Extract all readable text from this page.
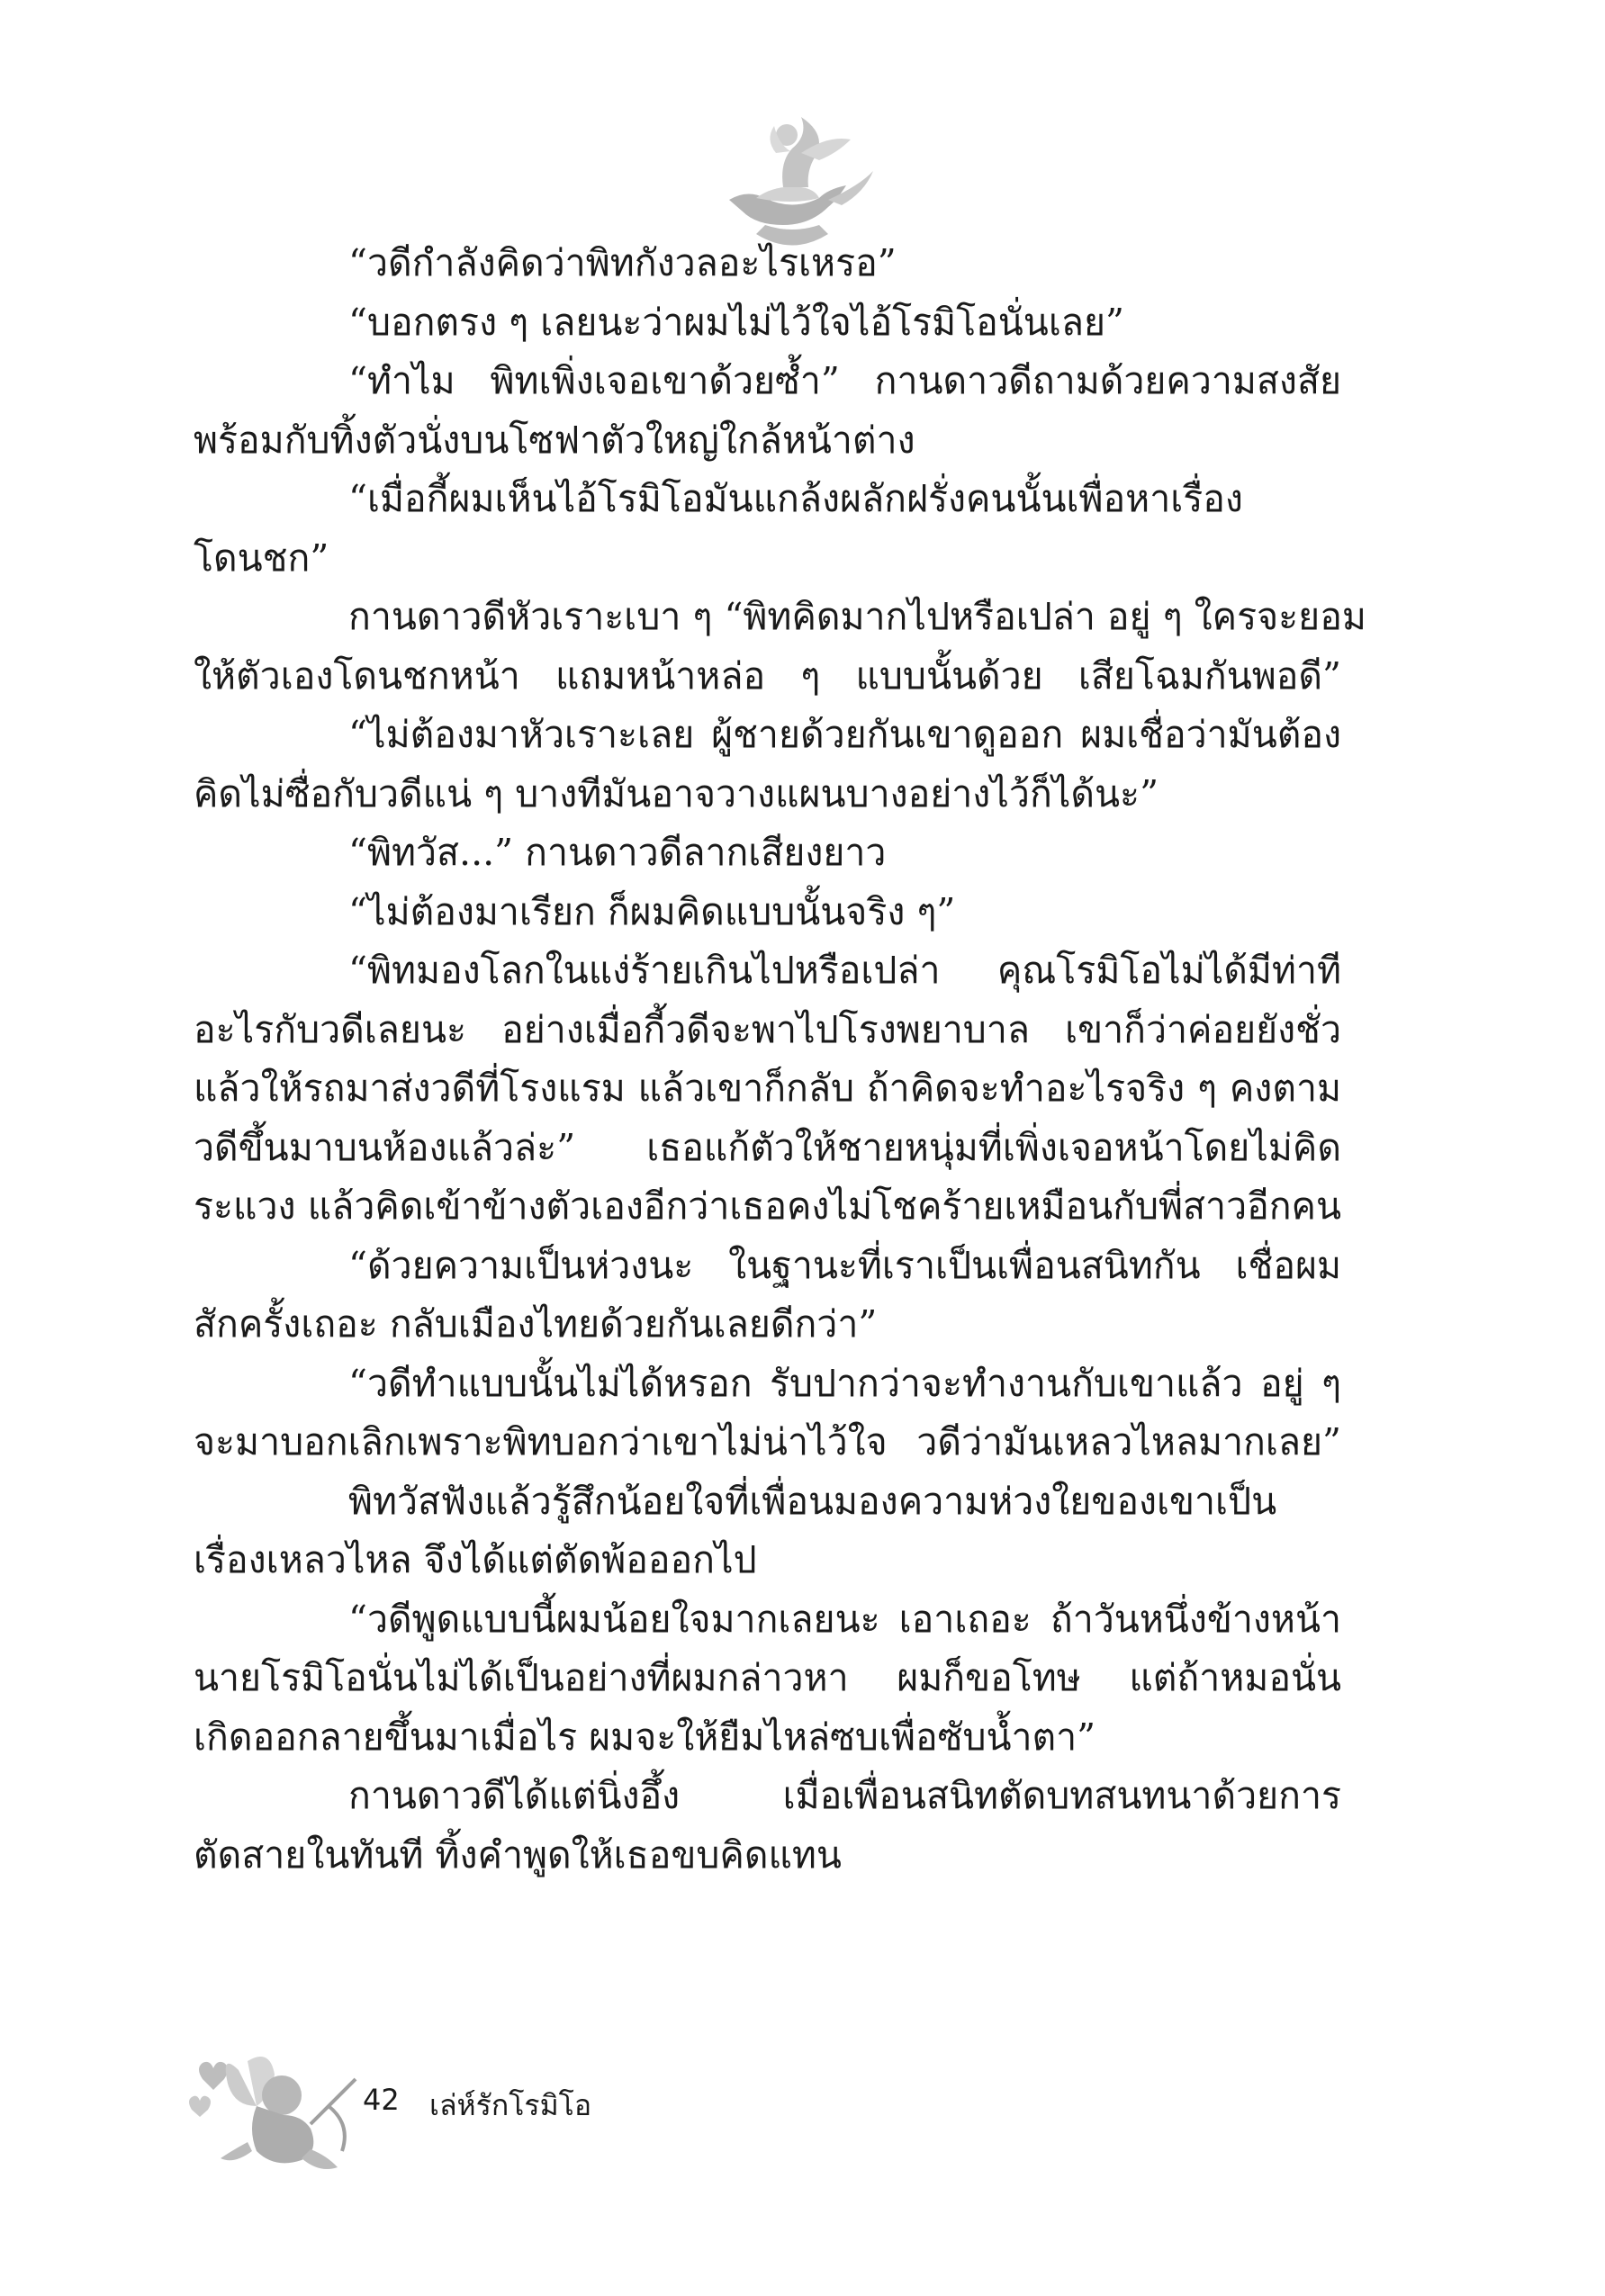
“วดีกำลังคิดว่าพิทกังวลอะไรเหรอ”
“บอกตรง ๆ เลยนะว่าผมไม่ไว้ใจไอ้โรมิโอนั่นเลย”
“ทำไม พิทเพิ่งเจอเขาด้วยซ้ำ” กานดาวดีถามด้วยความสงสัย
พร้อมกับทิ้งตัวนั่งบนโซฟาตัวใหญ่ใกล้หน้าต่าง
“เมื่อกี้ผมเห็นไอ้โรมิโอมันแกล้งผลักฝรั่งคนนั้นเพื่อหาเรื่อง
โดนชก”
กานดาวดีหัวเราะเบา ๆ “พิทคิดมากไปหรือเปล่า อยู่ ๆ ใครจะยอม
ให้ตัวเองโดนชกหน้า แถมหน้าหล่อ ๆ แบบนั้นด้วย เสียโฉมกันพอดี”
“ไม่ต้องมาหัวเราะเลย ผู้ชายด้วยกันเขาดูออก ผมเชื่อว่ามันต้อง
คิดไม่ซื่อกับวดีแน่ ๆ บางทีมันอาจวางแผนบางอย่างไว้ก็ได้นะ”
“พิทวัส...” กานดาวดีลากเสียงยาว
“ไม่ต้องมาเรียก ก็ผมคิดแบบนั้นจริง ๆ”
“พิทมองโลกในแง่ร้ายเกินไปหรือเปล่า คุณโรมิโอไม่ได้มีท่าที
อะไรกับวดีเลยนะ อย่างเมื่อกี้วดีจะพาไปโรงพยาบาล เขาก็ว่าค่อยยังชั่ว
แล้วให้รถมาส่งวดีที่โรงแรม แล้วเขาก็กลับ ถ้าคิดจะทำอะไรจริง ๆ คงตาม
วดีขึ้นมาบนห้องแล้วล่ะ” เธอแก้ตัวให้ชายหนุ่มที่เพิ่งเจอหน้าโดยไม่คิด
ระแวง แล้วคิดเข้าข้างตัวเองอีกว่าเธอคงไม่โชคร้ายเหมือนกับพี่สาวอีกคน
“ด้วยความเป็นห่วงนะ ในฐานะที่เราเป็นเพื่อนสนิทกัน เชื่อผม
สักครั้งเถอะ กลับเมืองไทยด้วยกันเลยดีกว่า”
“วดีทำแบบนั้นไม่ได้หรอก รับปากว่าจะทำงานกับเขาแล้ว อยู่ ๆ
จะมาบอกเลิกเพราะพิทบอกว่าเขาไม่น่าไว้ใจ วดีว่ามันเหลวไหลมากเลย”
พิทวัสฟังแล้วรู้สึกน้อยใจที่เพื่อนมองความห่วงใยของเขาเป็น
เรื่องเหลวไหล จึงได้แต่ตัดพ้อออกไป
“วดีพูดแบบนี้ผมน้อยใจมากเลยนะ เอาเถอะ ถ้าวันหนึ่งข้างหน้า
นายโรมิโอนั่นไม่ได้เป็นอย่างที่ผมกล่าวหา ผมก็ขอโทษ แต่ถ้าหมอนั่น
เกิดออกลายขึ้นมาเมื่อไร ผมจะให้ยืมไหล่ซบเพื่อซับน้ำตา”
กานดาวดีได้แต่นิ่งอึ้ง เมื่อเพื่อนสนิทตัดบทสนทนาด้วยการ
ตัดสายในทันที ทิ้งคำพูดให้เธอขบคิดแทน
42 เล่ห์รักโรมิโอ
